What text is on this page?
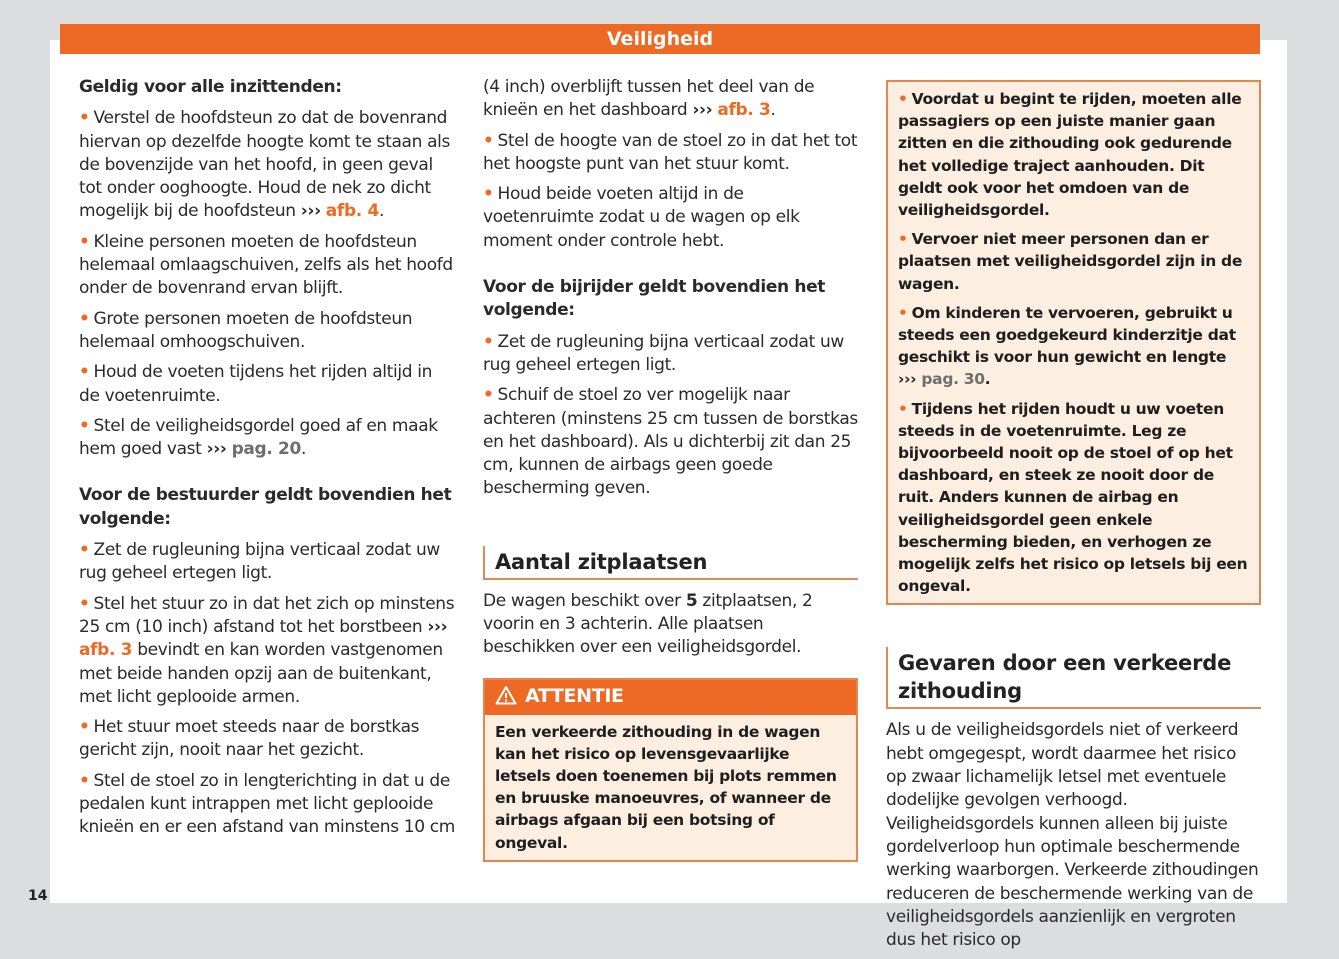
Veiligheid

Geldig voor alle inzittenden:

• Verstel de hoofdsteun zo dat de bovenrand hiervan op dezelfde hoogte komt te staan als de bovenzijde van het hoofd, in geen geval tot onder ooghoogte. Houd de nek zo dicht mogelijk bij de hoofdsteun ››› afb. 4.

• Kleine personen moeten de hoofdsteun helemaal omlaagschuiven, zelfs als het hoofd onder de bovenrand ervan blijft.

• Grote personen moeten de hoofdsteun helemaal omhoogschuiven.

• Houd de voeten tijdens het rijden altijd in de voetenruimte.

• Stel de veiligheidsgordel goed af en maak hem goed vast ››› pag. 20.

Voor de bestuurder geldt bovendien het volgende:

• Zet de rugleuning bijna verticaal zodat uw rug geheel ertegen ligt.

• Stel het stuur zo in dat het zich op minstens 25 cm (10 inch) afstand tot het borstbeen ››› afb. 3 bevindt en kan worden vastgenomen met beide handen opzij aan de buitenkant, met licht geplooide armen.

• Het stuur moet steeds naar de borstkas gericht zijn, nooit naar het gezicht.

• Stel de stoel zo in lengterichting in dat u de pedalen kunt intrappen met licht geplooide knieën en er een afstand van minstens 10 cm

(4 inch) overblijft tussen het deel van de knieën en het dashboard ››› afb. 3.

• Stel de hoogte van de stoel zo in dat het tot het hoogste punt van het stuur komt.

• Houd beide voeten altijd in de voetenruimte zodat u de wagen op elk moment onder controle hebt.

Voor de bijrijder geldt bovendien het volgende:

• Zet de rugleuning bijna verticaal zodat uw rug geheel ertegen ligt.

• Schuif de stoel zo ver mogelijk naar achteren (minstens 25 cm tussen de borstkas en het dashboard). Als u dichterbij zit dan 25 cm, kunnen de airbags geen goede bescherming geven.

Aantal zitplaatsen

De wagen beschikt over 5 zitplaatsen, 2 voorin en 3 achterin. Alle plaatsen beschikken over een veiligheidsgordel.

ATTENTIE
Een verkeerde zithouding in de wagen kan het risico op levensgevaarlijke letsels doen toenemen bij plots remmen en bruuske manoeuvres, of wanneer de airbags afgaan bij een botsing of ongeval.

• Voordat u begint te rijden, moeten alle passagiers op een juiste manier gaan zitten en die zithouding ook gedurende het volledige traject aanhouden. Dit geldt ook voor het omdoen van de veiligheidsgordel.

• Vervoer niet meer personen dan er plaatsen met veiligheidsgordel zijn in de wagen.

• Om kinderen te vervoeren, gebruikt u steeds een goedgekeurd kinderzitje dat geschikt is voor hun gewicht en lengte ››› pag. 30.

• Tijdens het rijden houdt u uw voeten steeds in de voetenruimte. Leg ze bijvoorbeeld nooit op de stoel of op het dashboard, en steek ze nooit door de ruit. Anders kunnen de airbag en veiligheidsgordel geen enkele bescherming bieden, en verhogen ze mogelijk zelfs het risico op letsels bij een ongeval.

Gevaren door een verkeerde zithouding

Als u de veiligheidsgordels niet of verkeerd hebt omgegespt, wordt daarmee het risico op zwaar lichamelijk letsel met eventuele dodelijke gevolgen verhoogd. Veiligheidsgordels kunnen alleen bij juiste gordelverloop hun optimale beschermende werking waarborgen. Verkeerde zithoudingen reduceren de beschermende werking van de veiligheidsgordels aanzienlijk en vergroten dus het risico op

14
